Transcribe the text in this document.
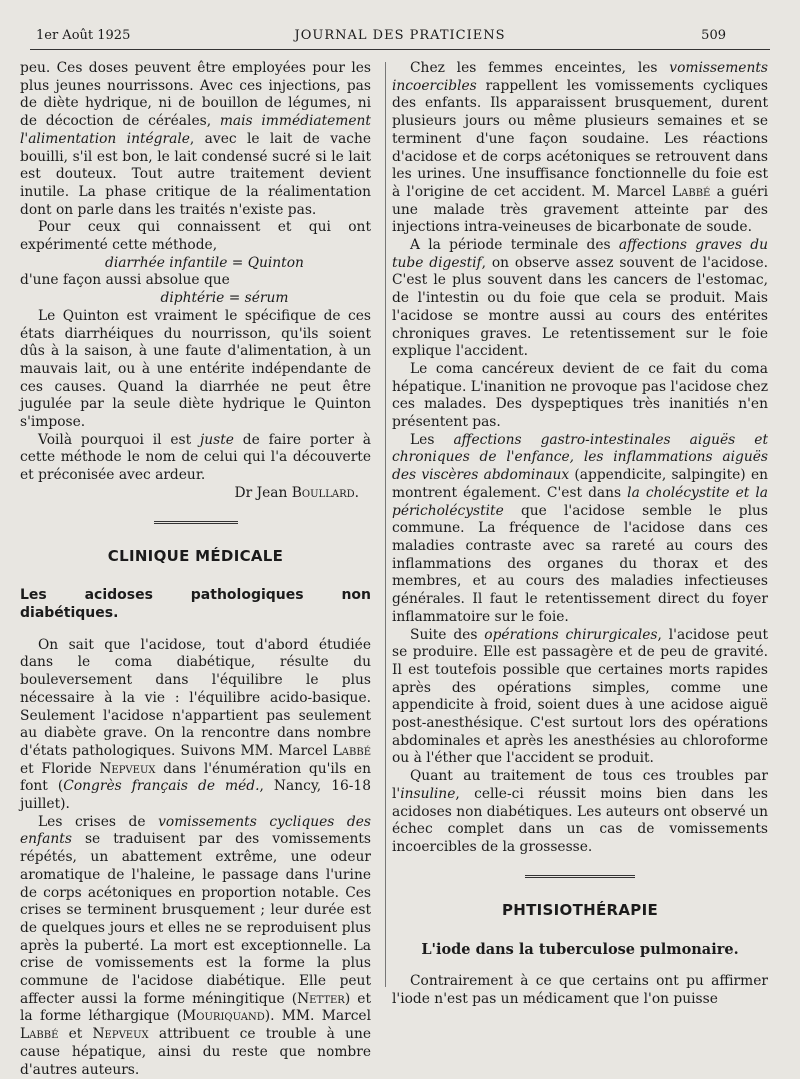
1er Août 1925	JOURNAL DES PRATICIENS	509

peu. Ces doses peuvent être employées pour les plus jeunes nourrissons. Avec ces injections, pas de diète hydrique, ni de bouillon de légumes, ni de décoction de céréales, mais immédiatement l'alimentation intégrale, avec le lait de vache bouilli, s'il est bon, le lait condensé sucré si le lait est douteux. Tout autre traitement devient inutile. La phase critique de la réalimentation dont on parle dans les traités n'existe pas.

Pour ceux qui connaissent et qui ont expérimenté cette méthode,

diarrhée infantile = Quinton

d'une façon aussi absolue que

diphtérie = sérum

Le Quinton est vraiment le spécifique de ces états diarrhéiques du nourrisson, qu'ils soient dûs à la saison, à une faute d'alimentation, à un mauvais lait, ou à une entérite indépendante de ces causes. Quand la diarrhée ne peut être jugulée par la seule diète hydrique le Quinton s'impose.

Voilà pourquoi il est juste de faire porter à cette méthode le nom de celui qui l'a découverte et préconisée avec ardeur.

Dr Jean Boullard.

CLINIQUE MÉDICALE
Les acidoses pathologiques non diabétiques.

On sait que l'acidose, tout d'abord étudiée dans le coma diabétique, résulte du bouleversement dans l'équilibre le plus nécessaire à la vie : l'équilibre acido-basique. Seulement l'acidose n'appartient pas seulement au diabète grave. On la rencontre dans nombre d'états pathologiques. Suivons MM. Marcel Labbé et Floride Nepveux dans l'énumération qu'ils en font (Congrès français de méd., Nancy, 16-18 juillet).

Les crises de vomissements cycliques des enfants se traduisent par des vomissements répétés, un abattement extrême, une odeur aromatique de l'haleine, le passage dans l'urine de corps acétoniques en proportion notable. Ces crises se terminent brusquement ; leur durée est de quelques jours et elles ne se reproduisent plus après la puberté. La mort est exceptionnelle. La crise de vomissements est la forme la plus commune de l'acidose diabétique. Elle peut affecter aussi la forme méningitique (Netter) et la forme léthargique (Mouriquand). MM. Marcel Labbé et Nepveux attribuent ce trouble à une cause hépatique, ainsi du reste que nombre d'autres auteurs.

Chez les femmes enceintes, les vomissements incoercibles rappellent les vomissements cycliques des enfants. Ils apparaissent brusquement, durent plusieurs jours ou même plusieurs semaines et se terminent d'une façon soudaine. Les réactions d'acidose et de corps acétoniques se retrouvent dans les urines. Une insuffisance fonctionnelle du foie est à l'origine de cet accident. M. Marcel Labbé a guéri une malade très gravement atteinte par des injections intra-veineuses de bicarbonate de soude.

A la période terminale des affections graves du tube digestif, on observe assez souvent de l'acidose. C'est le plus souvent dans les cancers de l'estomac, de l'intestin ou du foie que cela se produit. Mais l'acidose se montre aussi au cours des entérites chroniques graves. Le retentissement sur le foie explique l'accident.

Le coma cancéreux devient de ce fait du coma hépatique. L'inanition ne provoque pas l'acidose chez ces malades. Des dyspeptiques très inanitiés n'en présentent pas.

Les affections gastro-intestinales aiguës et chroniques de l'enfance, les inflammations aiguës des viscères abdominaux (appendicite, salpingite) en montrent également. C'est dans la cholécystite et la péricholécystite que l'acidose semble le plus commune. La fréquence de l'acidose dans ces maladies contraste avec sa rareté au cours des inflammations des organes du thorax et des membres, et au cours des maladies infectieuses générales. Il faut le retentissement direct du foyer inflammatoire sur le foie.

Suite des opérations chirurgicales, l'acidose peut se produire. Elle est passagère et de peu de gravité. Il est toutefois possible que certaines morts rapides après des opérations simples, comme une appendicite à froid, soient dues à une acidose aiguë post-anesthésique. C'est surtout lors des opérations abdominales et après les anesthésies au chloroforme ou à l'éther que l'accident se produit.

Quant au traitement de tous ces troubles par l'insuline, celle-ci réussit moins bien dans les acidoses non diabétiques. Les auteurs ont observé un échec complet dans un cas de vomissements incoercibles de la grossesse.

PHTISIOTHÉRAPIE
L'iode dans la tuberculose pulmonaire.

Contrairement à ce que certains ont pu affirmer l'iode n'est pas un médicament que l'on puisse
